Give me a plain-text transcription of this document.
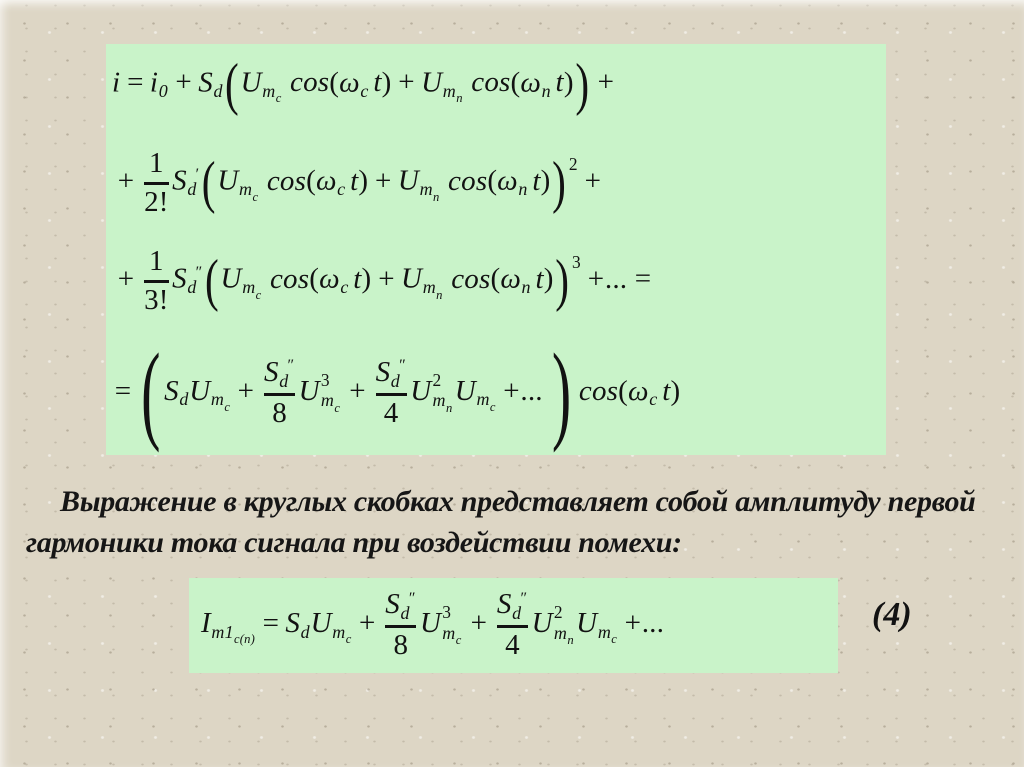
$i = i0 + Sd(Um_c\cos(\omega c$ $t) + Um_n\cos(\omega n$ t)) +
+ $\frac{1}{2!} Sd'(Um_c\cos(\omega c$ $t) + Um_n\cos(\omega n$ t)) $^2$+
+ $\frac{1}{3!} Sd''(Um_c\cos(\omega c$ $t) + Um_n\cos(\omega n$ t)) $^3$+... =
= ( SdUm$_c$+ $\frac{Sd''}{8}$ U 3
$m_c$
+ $\frac{Sd''}{4}$ U 2
$m_n$
$Um_c+$... ) cos(ωc t)
Выражение в круглых скобках представляет собой амплитуду первой
гармоники тока сигнала при воздействии помехи:
$Im1_{c(n)}=$ SdUm$_c$+ $\frac{Sd''}{8}$ U 3
$m_c$
+ $\frac{Sd''}{4}$ U 2
$m_n$
$Um_c+$...	(4)
